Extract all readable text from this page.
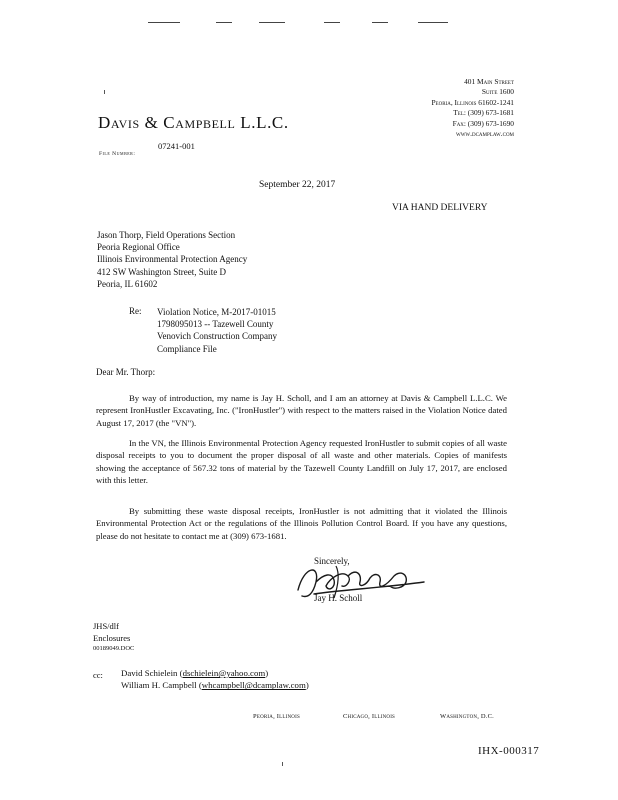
Davis & Campbell L.L.C.
401 Main Street
Suite 1600
Peoria, Illinois 61602-1241
Tel: (309) 673-1681
Fax: (309) 673-1690
www.dcamplaw.com
07241-001
File Number:
September 22, 2017
VIA HAND DELIVERY
Jason Thorp, Field Operations Section
Peoria Regional Office
Illinois Environmental Protection Agency
412 SW Washington Street, Suite D
Peoria, IL 61602
Re: Violation Notice, M-2017-01015
1798095013 -- Tazewell County
Venovich Construction Company
Compliance File
Dear Mr. Thorp:
By way of introduction, my name is Jay H. Scholl, and I am an attorney at Davis & Campbell L.L.C. We represent IronHustler Excavating, Inc. ("IronHustler") with respect to the matters raised in the Violation Notice dated August 17, 2017 (the "VN").
In the VN, the Illinois Environmental Protection Agency requested IronHustler to submit copies of all waste disposal receipts to you to document the proper disposal of all waste and other materials. Copies of manifests showing the acceptance of 567.32 tons of material by the Tazewell County Landfill on July 17, 2017, are enclosed with this letter.
By submitting these waste disposal receipts, IronHustler is not admitting that it violated the Illinois Environmental Protection Act or the regulations of the Illinois Pollution Control Board. If you have any questions, please do not hesitate to contact me at (309) 673-1681.
Sincerely,
Jay H. Scholl
JHS/dlf
Enclosures
00189049.DOC
cc: David Schielein (dschielein@yahoo.com)
William H. Campbell (whcampbell@dcamplaw.com)
Peoria, Illinois	Chicago, Illinois	Washington, D.C.
IHX-000317
